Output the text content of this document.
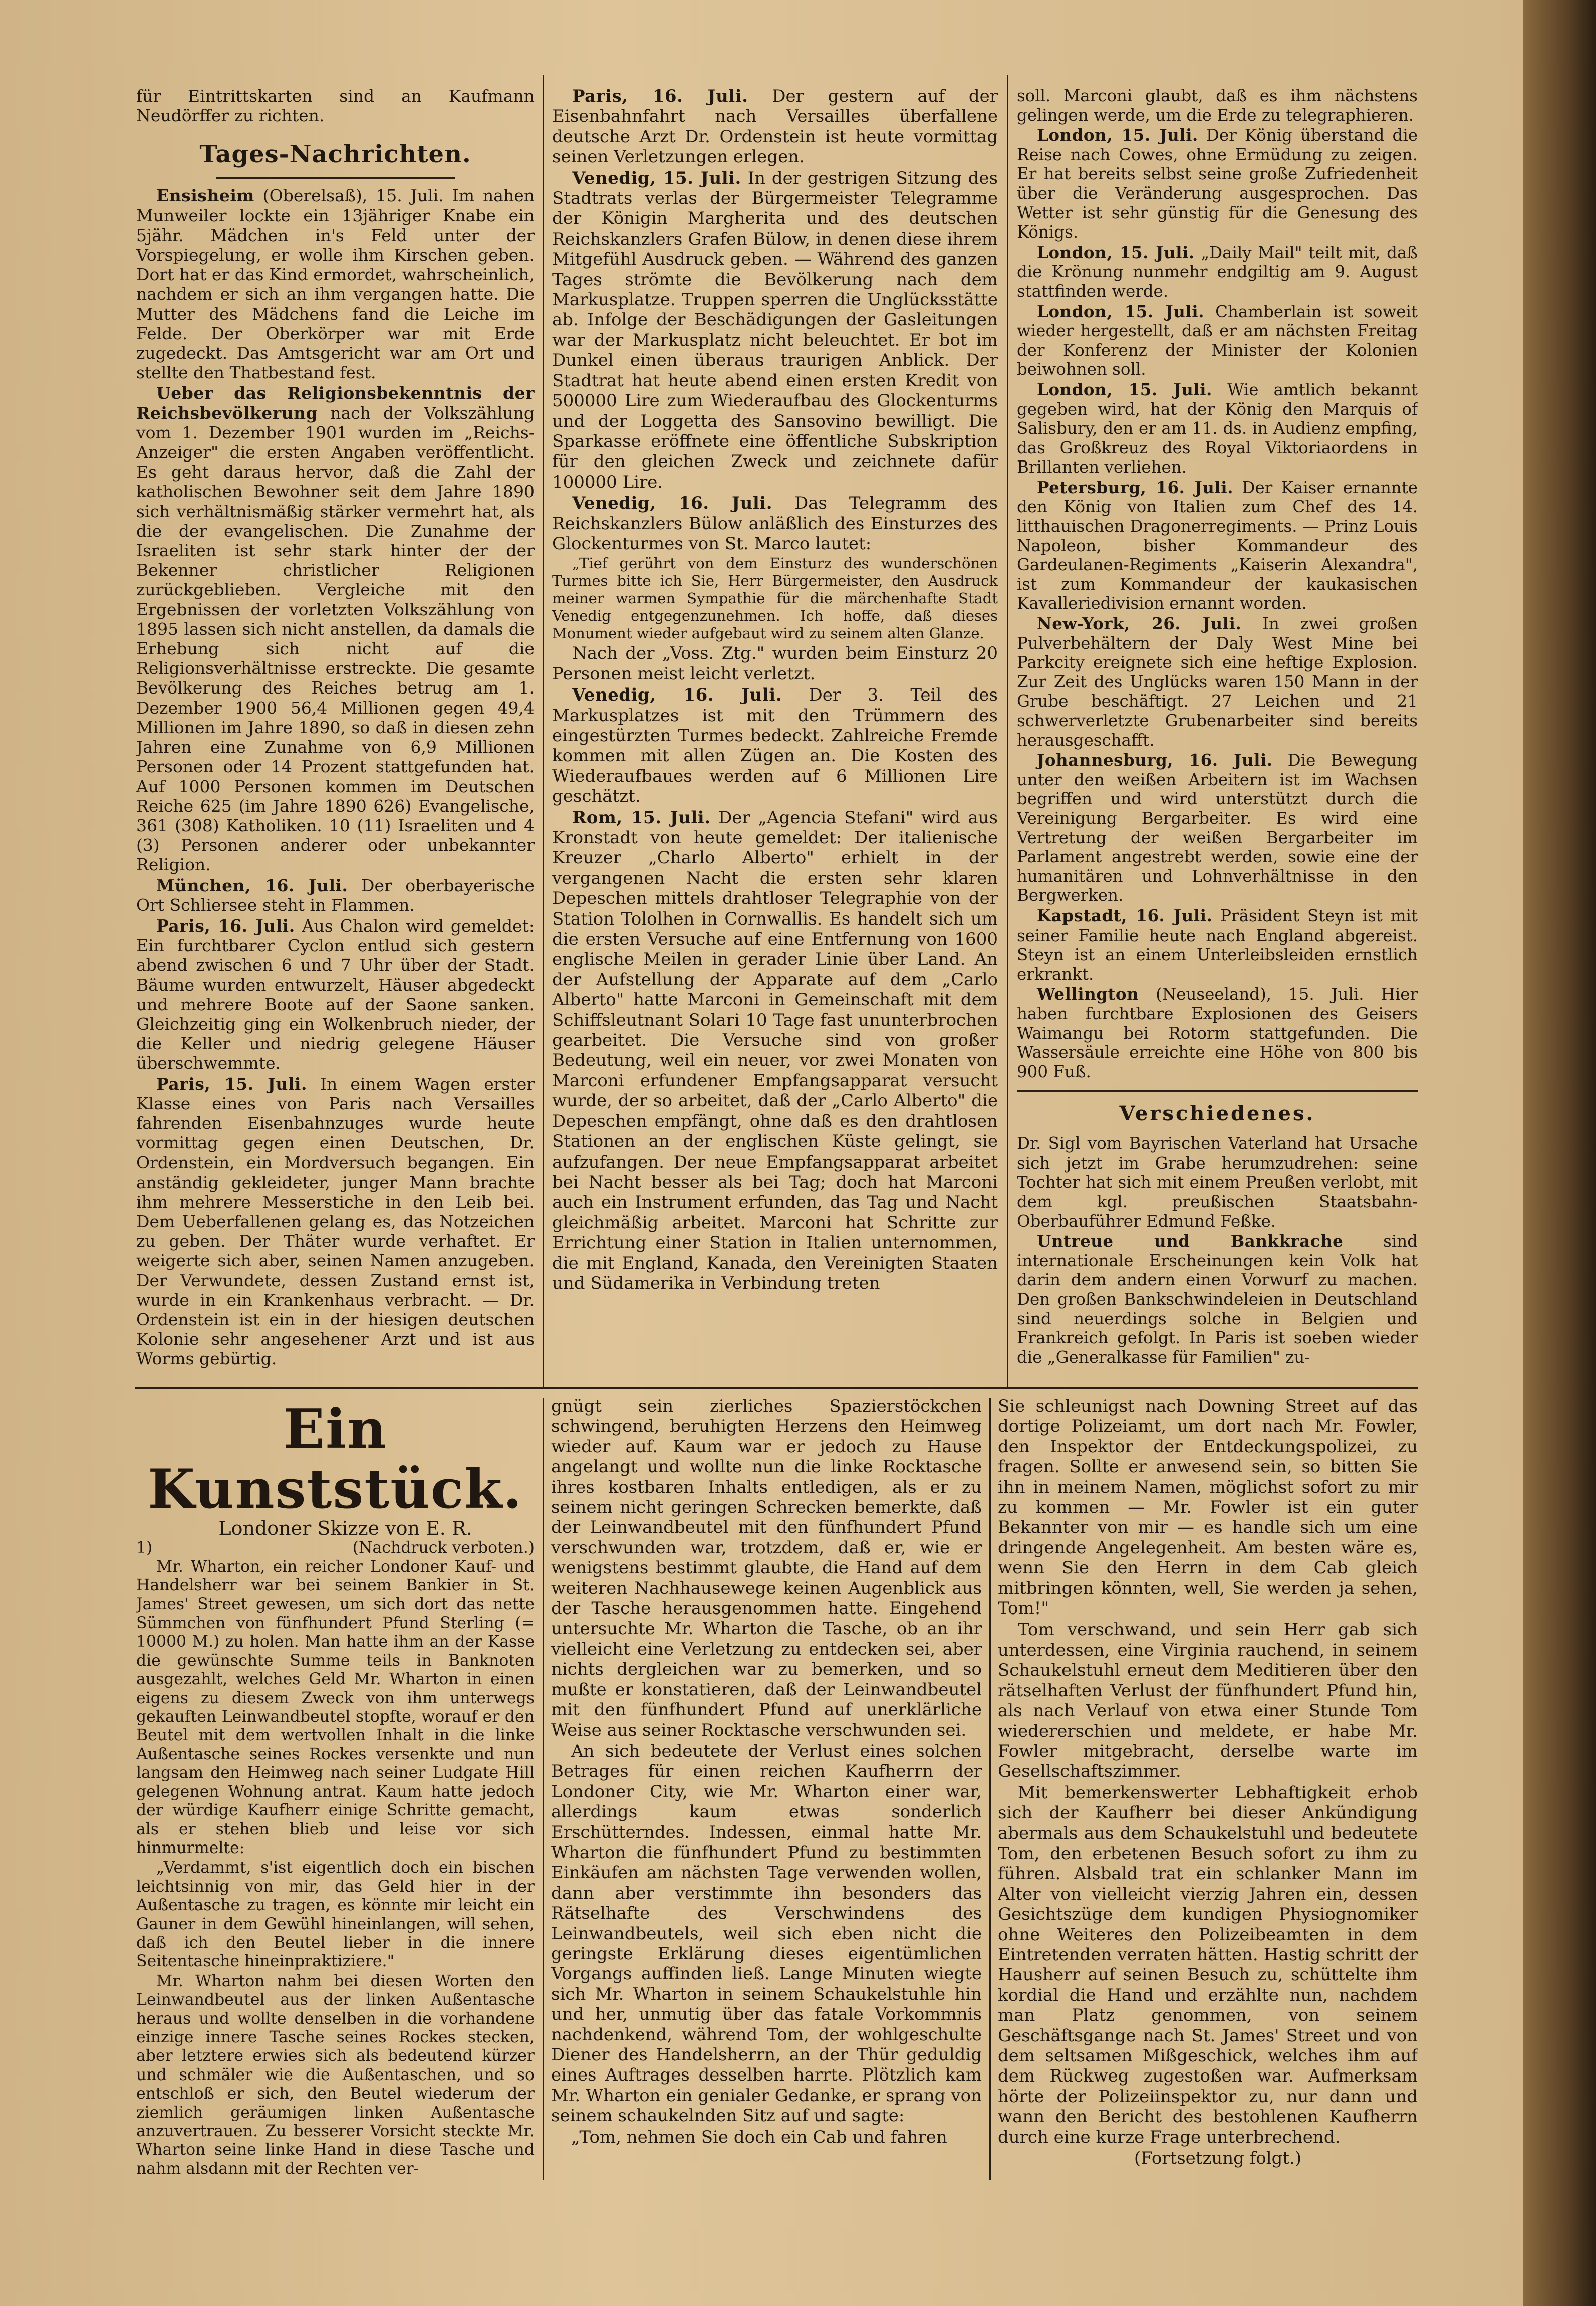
für Eintrittskarten sind an Kaufmann Neudörffer zu richten.

Tages-Nachrichten.

Ensisheim (Oberelsaß), 15. Juli. Im nahen Munweiler lockte ein 13jähriger Knabe ein 5jähr. Mädchen in's Feld unter der Vorspiegelung, er wolle ihm Kirschen geben. Dort hat er das Kind ermordet, wahrscheinlich, nachdem er sich an ihm vergangen hatte. Die Mutter des Mädchens fand die Leiche im Felde. Der Oberkörper war mit Erde zugedeckt. Das Amtsgericht war am Ort und stellte den Thatbestand fest.

Ueber das Religionsbekenntnis der Reichsbevölkerung nach der Volkszählung vom 1. Dezember 1901 wurden im „Reichs-Anzeiger" die ersten Angaben veröffentlicht. Es geht daraus hervor, daß die Zahl der katholischen Bewohner seit dem Jahre 1890 sich verhältnismäßig stärker vermehrt hat, als die der evangelischen. Die Zunahme der Israeliten ist sehr stark hinter der der Bekenner christlicher Religionen zurückgeblieben. Vergleiche mit den Ergebnissen der vorletzten Volkszählung von 1895 lassen sich nicht anstellen, da damals die Erhebung sich nicht auf die Religionsverhältnisse erstreckte. Die gesamte Bevölkerung des Reiches betrug am 1. Dezember 1900 56,4 Millionen gegen 49,4 Millionen im Jahre 1890, so daß in diesen zehn Jahren eine Zunahme von 6,9 Millionen Personen oder 14 Prozent stattgefunden hat. Auf 1000 Personen kommen im Deutschen Reiche 625 (im Jahre 1890 626) Evangelische, 361 (308) Katholiken. 10 (11) Israeliten und 4 (3) Personen anderer oder unbekannter Religion.

München, 16. Juli. Der oberbayerische Ort Schliersee steht in Flammen.

Paris, 16. Juli. Aus Chalon wird gemeldet: Ein furchtbarer Cyclon entlud sich gestern abend zwischen 6 und 7 Uhr über der Stadt. Bäume wurden entwurzelt, Häuser abgedeckt und mehrere Boote auf der Saone sanken. Gleichzeitig ging ein Wolkenbruch nieder, der die Keller und niedrig gelegene Häuser überschwemmte.

Paris, 15. Juli. In einem Wagen erster Klasse eines von Paris nach Versailles fahrenden Eisenbahnzuges wurde heute vormittag gegen einen Deutschen, Dr. Ordenstein, ein Mordversuch begangen. Ein anständig gekleideter, junger Mann brachte ihm mehrere Messerstiche in den Leib bei. Dem Ueberfallenen gelang es, das Notzeichen zu geben. Der Thäter wurde verhaftet. Er weigerte sich aber, seinen Namen anzugeben. Der Verwundete, dessen Zustand ernst ist, wurde in ein Krankenhaus verbracht. — Dr. Ordenstein ist ein in der hiesigen deutschen Kolonie sehr angesehener Arzt und ist aus Worms gebürtig.

Paris, 16. Juli. Der gestern auf der Eisenbahnfahrt nach Versailles überfallene deutsche Arzt Dr. Ordenstein ist heute vormittag seinen Verletzungen erlegen.

Venedig, 15. Juli. In der gestrigen Sitzung des Stadtrats verlas der Bürgermeister Telegramme der Königin Margherita und des deutschen Reichskanzlers Grafen Bülow, in denen diese ihrem Mitgefühl Ausdruck geben. — Während des ganzen Tages strömte die Bevölkerung nach dem Markusplatze. Truppen sperren die Unglücksstätte ab. Infolge der Beschädigungen der Gasleitungen war der Markusplatz nicht beleuchtet. Er bot im Dunkel einen überaus traurigen Anblick. Der Stadtrat hat heute abend einen ersten Kredit von 500000 Lire zum Wiederaufbau des Glockenturms und der Loggetta des Sansovino bewilligt. Die Sparkasse eröffnete eine öffentliche Subskription für den gleichen Zweck und zeichnete dafür 100000 Lire.

Venedig, 16. Juli. Das Telegramm des Reichskanzlers Bülow anläßlich des Einsturzes des Glockenturmes von St. Marco lautet:

„Tief gerührt von dem Einsturz des wunderschönen Turmes bitte ich Sie, Herr Bürgermeister, den Ausdruck meiner warmen Sympathie für die märchenhafte Stadt Venedig entgegenzunehmen. Ich hoffe, daß dieses Monument wieder aufgebaut wird zu seinem alten Glanze.

Nach der „Voss. Ztg." wurden beim Einsturz 20 Personen meist leicht verletzt.

Venedig, 16. Juli. Der 3. Teil des Markusplatzes ist mit den Trümmern des eingestürzten Turmes bedeckt. Zahlreiche Fremde kommen mit allen Zügen an. Die Kosten des Wiederaufbaues werden auf 6 Millionen Lire geschätzt.

Rom, 15. Juli. Der „Agencia Stefani" wird aus Kronstadt von heute gemeldet: Der italienische Kreuzer „Charlo Alberto" erhielt in der vergangenen Nacht die ersten sehr klaren Depeschen mittels drahtloser Telegraphie von der Station Tololhen in Cornwallis. Es handelt sich um die ersten Versuche auf eine Entfernung von 1600 englische Meilen in gerader Linie über Land. An der Aufstellung der Apparate auf dem „Carlo Alberto" hatte Marconi in Gemeinschaft mit dem Schiffsleutnant Solari 10 Tage fast ununterbrochen gearbeitet. Die Versuche sind von großer Bedeutung, weil ein neuer, vor zwei Monaten von Marconi erfundener Empfangsapparat versucht wurde, der so arbeitet, daß der „Carlo Alberto" die Depeschen empfängt, ohne daß es den drahtlosen Stationen an der englischen Küste gelingt, sie aufzufangen. Der neue Empfangsapparat arbeitet bei Nacht besser als bei Tag; doch hat Marconi auch ein Instrument erfunden, das Tag und Nacht gleichmäßig arbeitet. Marconi hat Schritte zur Errichtung einer Station in Italien unternommen, die mit England, Kanada, den Vereinigten Staaten und Südamerika in Verbindung treten

soll. Marconi glaubt, daß es ihm nächstens gelingen werde, um die Erde zu telegraphieren.

London, 15. Juli. Der König überstand die Reise nach Cowes, ohne Ermüdung zu zeigen. Er hat bereits selbst seine große Zufriedenheit über die Veränderung ausgesprochen. Das Wetter ist sehr günstig für die Genesung des Königs.

London, 15. Juli. „Daily Mail" teilt mit, daß die Krönung nunmehr endgiltig am 9. August stattfinden werde.

London, 15. Juli. Chamberlain ist soweit wieder hergestellt, daß er am nächsten Freitag der Konferenz der Minister der Kolonien beiwohnen soll.

London, 15. Juli. Wie amtlich bekannt gegeben wird, hat der König den Marquis of Salisbury, den er am 11. ds. in Audienz empfing, das Großkreuz des Royal Viktoriaordens in Brillanten verliehen.

Petersburg, 16. Juli. Der Kaiser ernannte den König von Italien zum Chef des 14. litthauischen Dragonerregiments. — Prinz Louis Napoleon, bisher Kommandeur des Gardeulanen-Regiments „Kaiserin Alexandra", ist zum Kommandeur der kaukasischen Kavalleriedivision ernannt worden.

New-York, 26. Juli. In zwei großen Pulverbehältern der Daly West Mine bei Parkcity ereignete sich eine heftige Explosion. Zur Zeit des Unglücks waren 150 Mann in der Grube beschäftigt. 27 Leichen und 21 schwerverletzte Grubenarbeiter sind bereits herausgeschafft.

Johannesburg, 16. Juli. Die Bewegung unter den weißen Arbeitern ist im Wachsen begriffen und wird unterstützt durch die Vereinigung Bergarbeiter. Es wird eine Vertretung der weißen Bergarbeiter im Parlament angestrebt werden, sowie eine der humanitären und Lohnverhältnisse in den Bergwerken.

Kapstadt, 16. Juli. Präsident Steyn ist mit seiner Familie heute nach England abgereist. Steyn ist an einem Unterleibsleiden ernstlich erkrankt.

Wellington (Neuseeland), 15. Juli. Hier haben furchtbare Explosionen des Geisers Waimangu bei Rotorm stattgefunden. Die Wassersäule erreichte eine Höhe von 800 bis 900 Fuß.

Verschiedenes.

Dr. Sigl vom Bayrischen Vaterland hat Ursache sich jetzt im Grabe herumzudrehen: seine Tochter hat sich mit einem Preußen verlobt, mit dem kgl. preußischen Staatsbahn-Oberbauführer Edmund Feßke.

Untreue und Bankkrache sind internationale Erscheinungen kein Volk hat darin dem andern einen Vorwurf zu machen. Den großen Bankschwindeleien in Deutschland sind neuerdings solche in Belgien und Frankreich gefolgt. In Paris ist soeben wieder die „Generalkasse für Familien" zu-

Ein Kunststück.

Londoner Skizze von E. R.

1)	(Nachdruck verboten.)

Mr. Wharton, ein reicher Londoner Kauf- und Handelsherr war bei seinem Bankier in St. James' Street gewesen, um sich dort das nette Sümmchen von fünfhundert Pfund Sterling (= 10000 M.) zu holen. Man hatte ihm an der Kasse die gewünschte Summe teils in Banknoten ausgezahlt, welches Geld Mr. Wharton in einen eigens zu diesem Zweck von ihm unterwegs gekauften Leinwandbeutel stopfte, worauf er den Beutel mit dem wertvollen Inhalt in die linke Außentasche seines Rockes versenkte und nun langsam den Heimweg nach seiner Ludgate Hill gelegenen Wohnung antrat. Kaum hatte jedoch der würdige Kaufherr einige Schritte gemacht, als er stehen blieb und leise vor sich hinmurmelte:

„Verdammt, s'ist eigentlich doch ein bischen leichtsinnig von mir, das Geld hier in der Außentasche zu tragen, es könnte mir leicht ein Gauner in dem Gewühl hineinlangen, will sehen, daß ich den Beutel lieber in die innere Seitentasche hineinpraktiziere."

Mr. Wharton nahm bei diesen Worten den Leinwandbeutel aus der linken Außentasche heraus und wollte denselben in die vorhandene einzige innere Tasche seines Rockes stecken, aber letztere erwies sich als bedeutend kürzer und schmäler wie die Außentaschen, und so entschloß er sich, den Beutel wiederum der ziemlich geräumigen linken Außentasche anzuvertrauen. Zu besserer Vorsicht steckte Mr. Wharton seine linke Hand in diese Tasche und nahm alsdann mit der Rechten ver-

gnügt sein zierliches Spazierstöckchen schwingend, beruhigten Herzens den Heimweg wieder auf. Kaum war er jedoch zu Hause angelangt und wollte nun die linke Rocktasche ihres kostbaren Inhalts entledigen, als er zu seinem nicht geringen Schrecken bemerkte, daß der Leinwandbeutel mit den fünfhundert Pfund verschwunden war, trotzdem, daß er, wie er wenigstens bestimmt glaubte, die Hand auf dem weiteren Nachhausewege keinen Augenblick aus der Tasche herausgenommen hatte. Eingehend untersuchte Mr. Wharton die Tasche, ob an ihr vielleicht eine Verletzung zu entdecken sei, aber nichts dergleichen war zu bemerken, und so mußte er konstatieren, daß der Leinwandbeutel mit den fünfhundert Pfund auf unerklärliche Weise aus seiner Rocktasche verschwunden sei.

An sich bedeutete der Verlust eines solchen Betrages für einen reichen Kaufherrn der Londoner City, wie Mr. Wharton einer war, allerdings kaum etwas sonderlich Erschütterndes. Indessen, einmal hatte Mr. Wharton die fünfhundert Pfund zu bestimmten Einkäufen am nächsten Tage verwenden wollen, dann aber verstimmte ihn besonders das Rätselhafte des Verschwindens des Leinwandbeutels, weil sich eben nicht die geringste Erklärung dieses eigentümlichen Vorgangs auffinden ließ. Lange Minuten wiegte sich Mr. Wharton in seinem Schaukelstuhle hin und her, unmutig über das fatale Vorkommnis nachdenkend, während Tom, der wohlgeschulte Diener des Handelsherrn, an der Thür geduldig eines Auftrages desselben harrte. Plötzlich kam Mr. Wharton ein genialer Gedanke, er sprang von seinem schaukelnden Sitz auf und sagte:

„Tom, nehmen Sie doch ein Cab und fahren

Sie schleunigst nach Downing Street auf das dortige Polizeiamt, um dort nach Mr. Fowler, den Inspektor der Entdeckungspolizei, zu fragen. Sollte er anwesend sein, so bitten Sie ihn in meinem Namen, möglichst sofort zu mir zu kommen — Mr. Fowler ist ein guter Bekannter von mir — es handle sich um eine dringende Angelegenheit. Am besten wäre es, wenn Sie den Herrn in dem Cab gleich mitbringen könnten, well, Sie werden ja sehen, Tom!"

Tom verschwand, und sein Herr gab sich unterdessen, eine Virginia rauchend, in seinem Schaukelstuhl erneut dem Meditieren über den rätselhaften Verlust der fünfhundert Pfund hin, als nach Verlauf von etwa einer Stunde Tom wiedererschien und meldete, er habe Mr. Fowler mitgebracht, derselbe warte im Gesellschaftszimmer.

Mit bemerkenswerter Lebhaftigkeit erhob sich der Kaufherr bei dieser Ankündigung abermals aus dem Schaukelstuhl und bedeutete Tom, den erbetenen Besuch sofort zu ihm zu führen. Alsbald trat ein schlanker Mann im Alter von vielleicht vierzig Jahren ein, dessen Gesichtszüge dem kundigen Physiognomiker ohne Weiteres den Polizeibeamten in dem Eintretenden verraten hätten. Hastig schritt der Hausherr auf seinen Besuch zu, schüttelte ihm kordial die Hand und erzählte nun, nachdem man Platz genommen, von seinem Geschäftsgange nach St. James' Street und von dem seltsamen Mißgeschick, welches ihm auf dem Rückweg zugestoßen war. Aufmerksam hörte der Polizeiinspektor zu, nur dann und wann den Bericht des bestohlenen Kaufherrn durch eine kurze Frage unterbrechend.

(Fortsetzung folgt.)
